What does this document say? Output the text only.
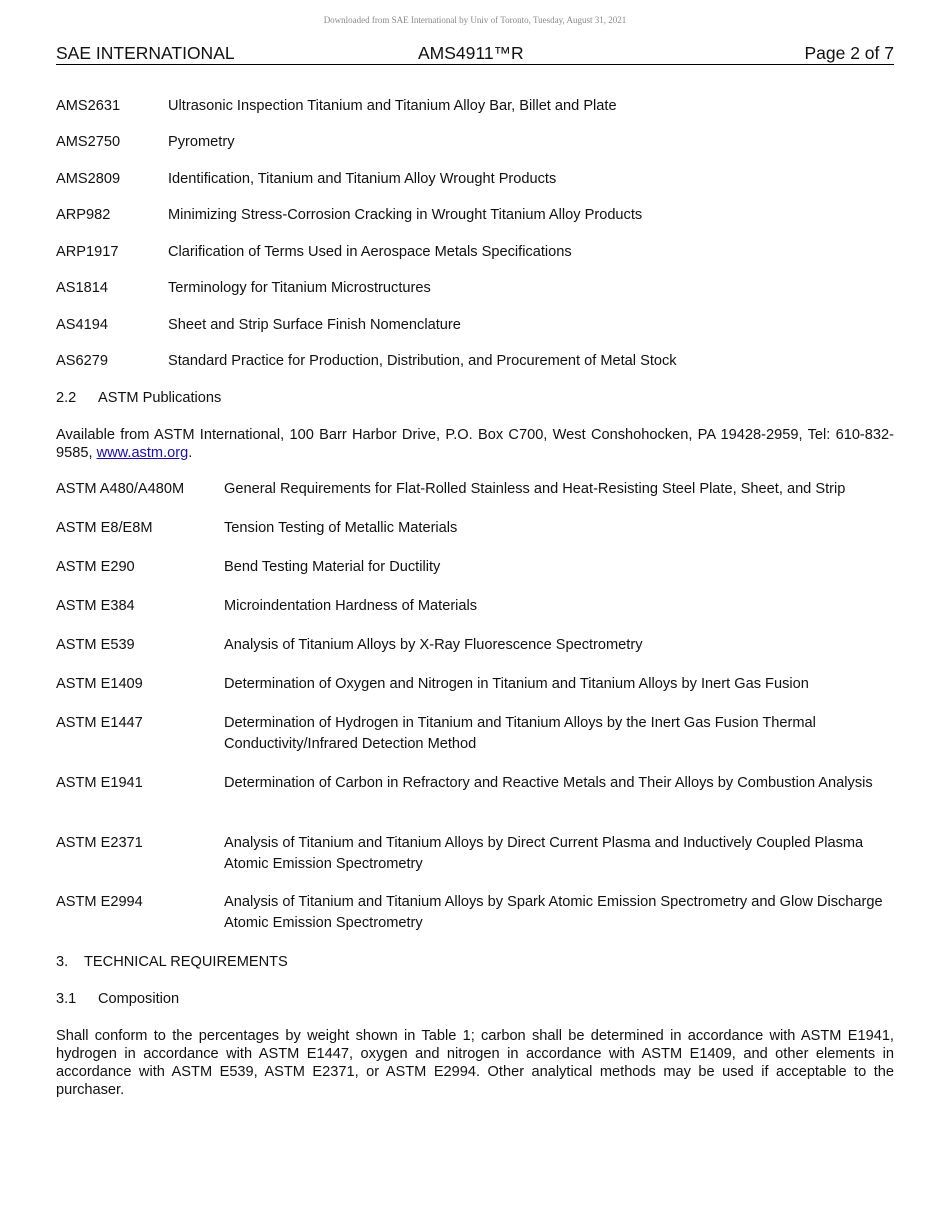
Downloaded from SAE International by Univ of Toronto, Tuesday, August 31, 2021
SAE INTERNATIONAL	AMS4911™R	Page 2 of 7
AMS2631	Ultrasonic Inspection Titanium and Titanium Alloy Bar, Billet and Plate
AMS2750	Pyrometry
AMS2809	Identification, Titanium and Titanium Alloy Wrought Products
ARP982	Minimizing Stress-Corrosion Cracking in Wrought Titanium Alloy Products
ARP1917	Clarification of Terms Used in Aerospace Metals Specifications
AS1814	Terminology for Titanium Microstructures
AS4194	Sheet and Strip Surface Finish Nomenclature
AS6279	Standard Practice for Production, Distribution, and Procurement of Metal Stock
2.2 ASTM Publications
Available from ASTM International, 100 Barr Harbor Drive, P.O. Box C700, West Conshohocken, PA 19428-2959, Tel: 610-832-9585, www.astm.org.
ASTM A480/A480M	General Requirements for Flat-Rolled Stainless and Heat-Resisting Steel Plate, Sheet, and Strip
ASTM E8/E8M	Tension Testing of Metallic Materials
ASTM E290	Bend Testing Material for Ductility
ASTM E384	Microindentation Hardness of Materials
ASTM E539	Analysis of Titanium Alloys by X-Ray Fluorescence Spectrometry
ASTM E1409	Determination of Oxygen and Nitrogen in Titanium and Titanium Alloys by Inert Gas Fusion
ASTM E1447	Determination of Hydrogen in Titanium and Titanium Alloys by the Inert Gas Fusion Thermal Conductivity/Infrared Detection Method
ASTM E1941	Determination of Carbon in Refractory and Reactive Metals and Their Alloys by Combustion Analysis
ASTM E2371	Analysis of Titanium and Titanium Alloys by Direct Current Plasma and Inductively Coupled Plasma Atomic Emission Spectrometry
ASTM E2994	Analysis of Titanium and Titanium Alloys by Spark Atomic Emission Spectrometry and Glow Discharge Atomic Emission Spectrometry
3. TECHNICAL REQUIREMENTS
3.1 Composition
Shall conform to the percentages by weight shown in Table 1; carbon shall be determined in accordance with ASTM E1941, hydrogen in accordance with ASTM E1447, oxygen and nitrogen in accordance with ASTM E1409, and other elements in accordance with ASTM E539, ASTM E2371, or ASTM E2994. Other analytical methods may be used if acceptable to the purchaser.
